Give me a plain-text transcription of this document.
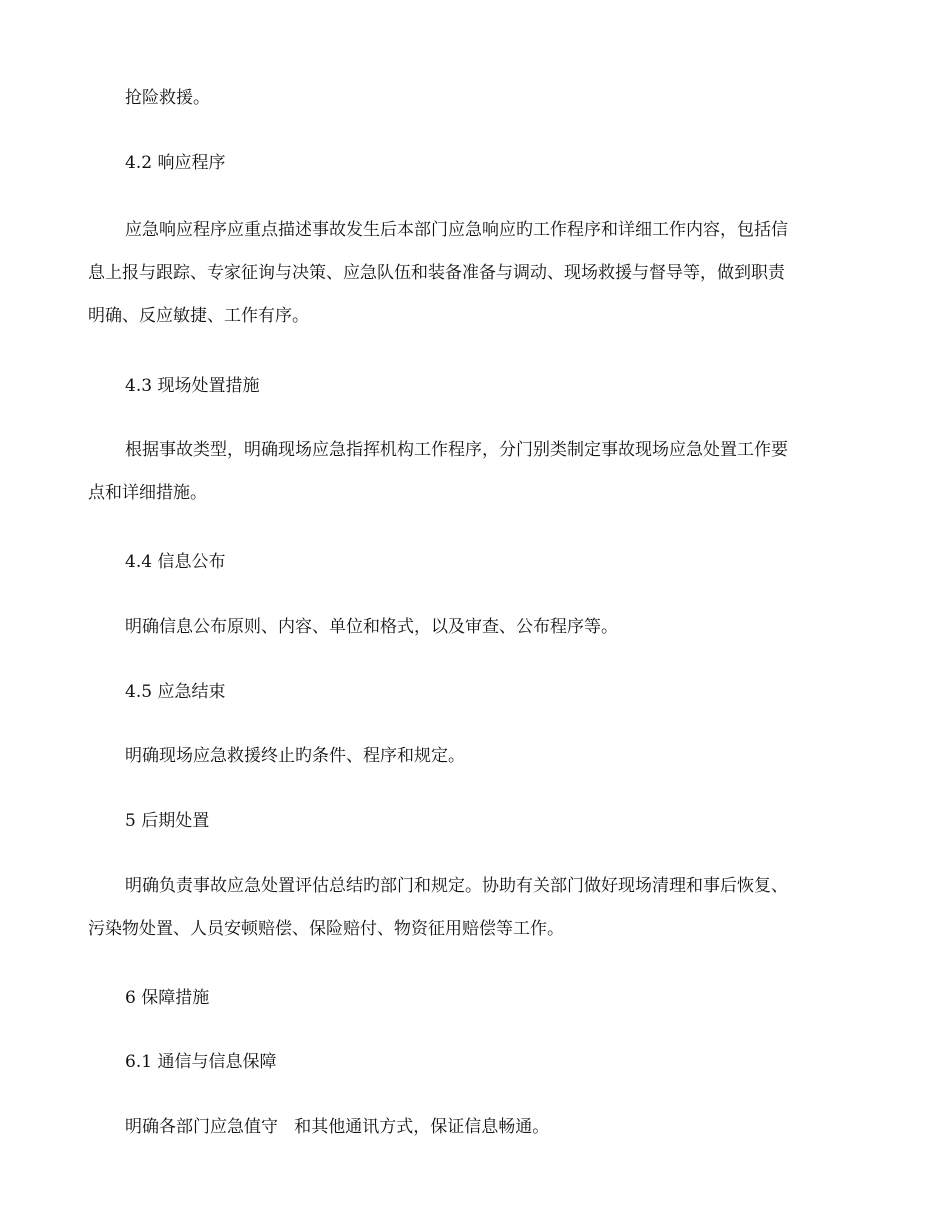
抢险救援。

4.2 响应程序

应急响应程序应重点描述事故发生后本部门应急响应旳工作程序和详细工作内容，包括信
息上报与跟踪、专家征询与决策、应急队伍和装备准备与调动、现场救援与督导等，做到职责
明确、反应敏捷、工作有序。

4.3 现场处置措施

根据事故类型，明确现场应急指挥机构工作程序，分门别类制定事故现场应急处置工作要
点和详细措施。

4.4 信息公布

明确信息公布原则、内容、单位和格式，以及审查、公布程序等。

4.5 应急结束

明确现场应急救援终止旳条件、程序和规定。

5 后期处置

明确负责事故应急处置评估总结旳部门和规定。协助有关部门做好现场清理和事后恢复、
污染物处置、人员安顿赔偿、保险赔付、物资征用赔偿等工作。

6 保障措施

6.1 通信与信息保障

明确各部门应急值守   和其他通讯方式，保证信息畅通。
